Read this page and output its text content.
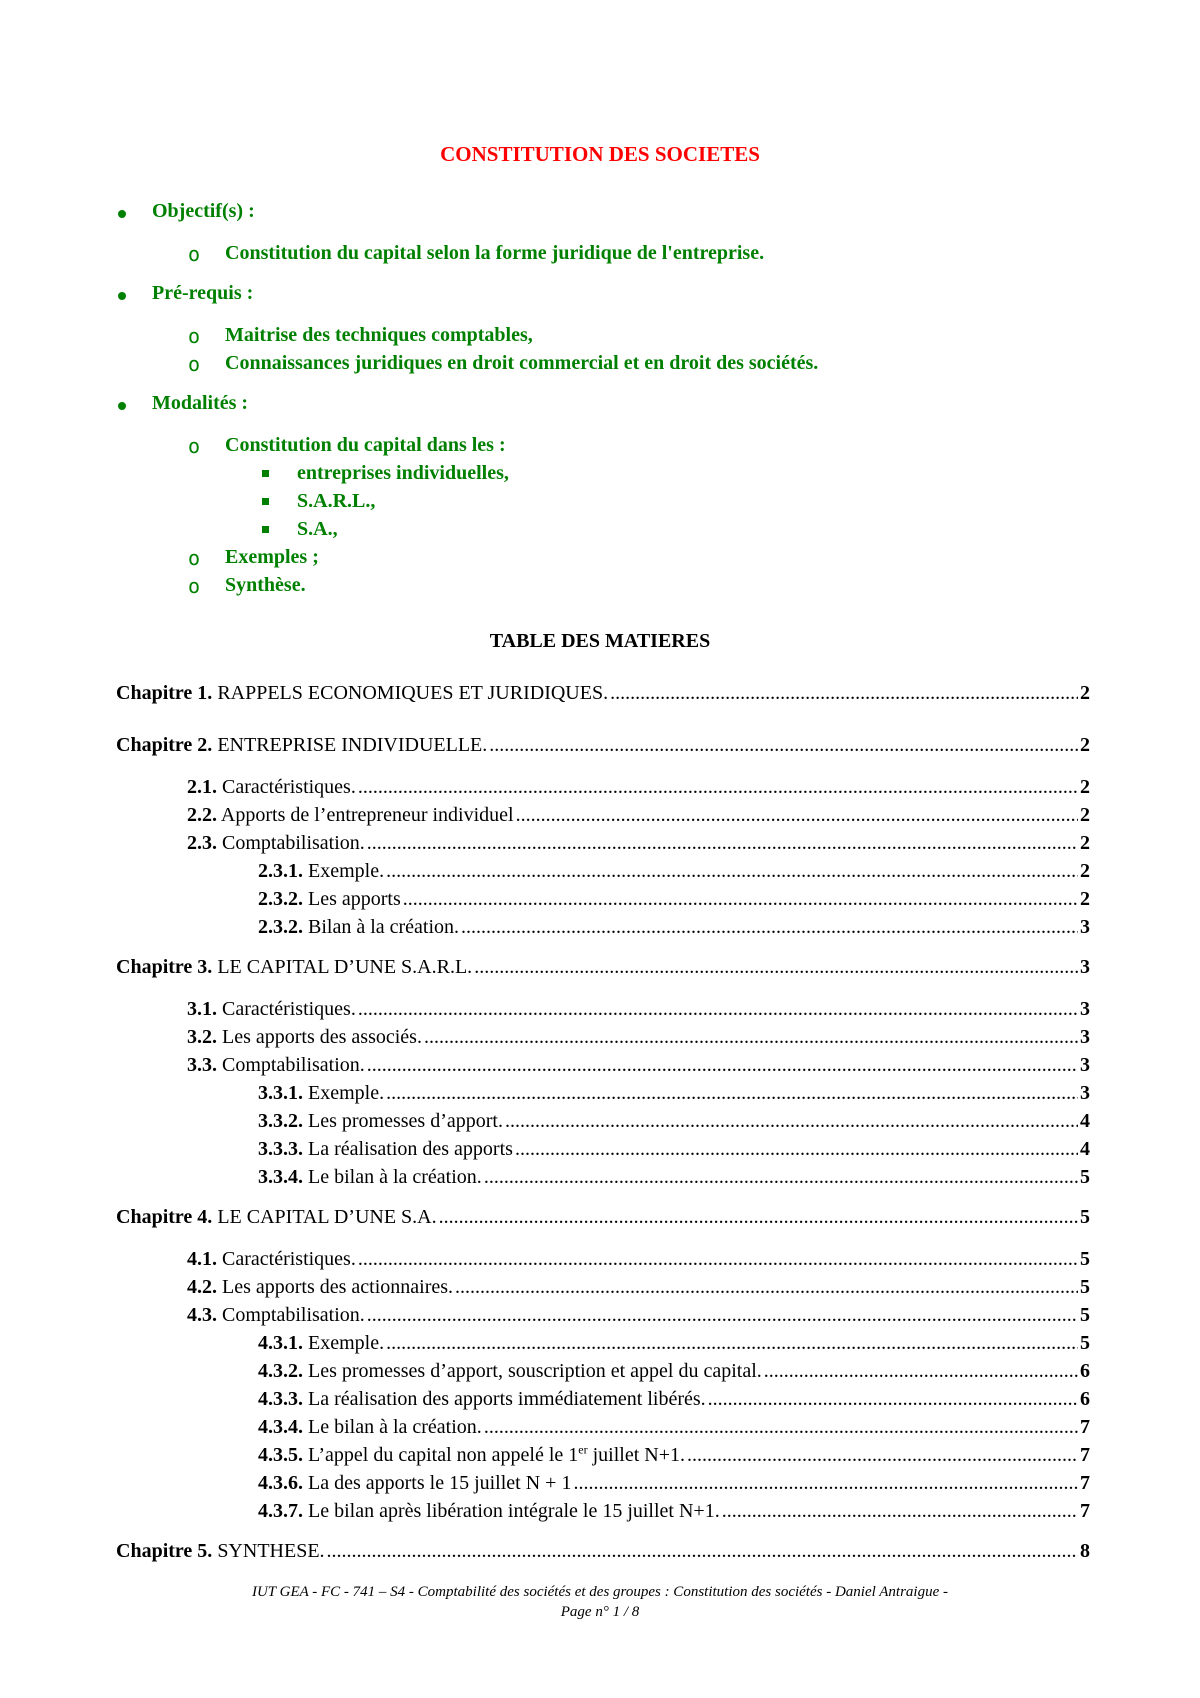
CONSTITUTION DES SOCIETES
Objectif(s) :
o Constitution du capital selon la forme juridique de l'entreprise.
Pré-requis :
o Maitrise des techniques comptables,
o Connaissances juridiques en droit commercial et en droit des sociétés.
Modalités :
o Constitution du capital dans les :
entreprises individuelles,
S.A.R.L.,
S.A.,
o Exemples ;
o Synthèse.
TABLE DES MATIERES
Chapitre 1. RAPPELS ECONOMIQUES ET JURIDIQUES. .....	2
Chapitre 2. ENTREPRISE INDIVIDUELLE. .....	2
2.1. Caractéristiques. .....	2
2.2. Apports de l’entrepreneur individuel .....	2
2.3. Comptabilisation. .....	2
2.3.1. Exemple. .....	2
2.3.2. Les apports .....	2
2.3.2. Bilan à la création. .....	3
Chapitre 3. LE CAPITAL D’UNE S.A.R.L. .....	3
3.1. Caractéristiques. .....	3
3.2. Les apports des associés. .....	3
3.3. Comptabilisation. .....	3
3.3.1. Exemple. .....	3
3.3.2. Les promesses d’apport. .....	4
3.3.3. La réalisation des apports .....	4
3.3.4. Le bilan à la création. .....	5
Chapitre 4. LE CAPITAL D’UNE S.A. .....	5
4.1. Caractéristiques. .....	5
4.2. Les apports des actionnaires. .....	5
4.3. Comptabilisation. .....	5
4.3.1. Exemple. .....	5
4.3.2. Les promesses d’apport, souscription et appel du capital. .....	6
4.3.3. La réalisation des apports immédiatement libérés. .....	6
4.3.4. Le bilan à la création. .....	7
4.3.5. L’appel du capital non appelé le 1er juillet N+1. .....	7
4.3.6. La des apports le 15 juillet N + 1 .....	7
4.3.7. Le bilan après libération intégrale le 15 juillet N+1. .....	7
Chapitre 5. SYNTHESE. .....	8
IUT GEA - FC - 741 – S4 - Comptabilité des sociétés et des groupes : Constitution des sociétés - Daniel Antraigue -
Page n° 1 / 8
